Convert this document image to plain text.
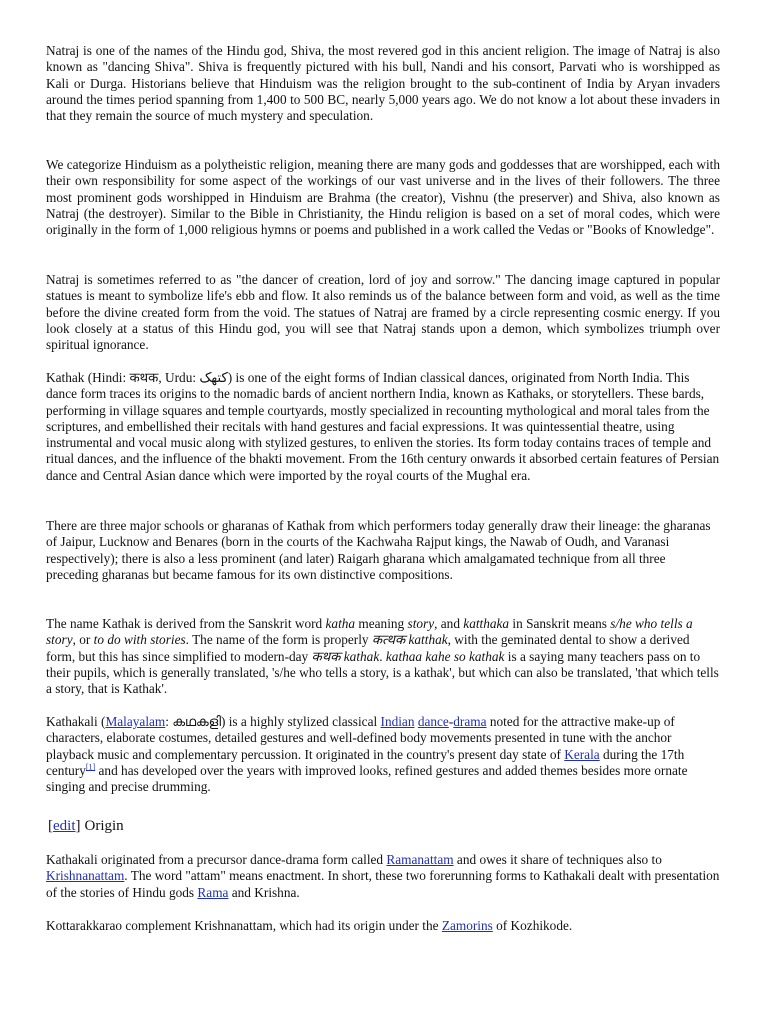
Natraj is one of the names of the Hindu god, Shiva, the most revered god in this ancient religion. The image of Natraj is also known as "dancing Shiva". Shiva is frequently pictured with his bull, Nandi and his consort, Parvati who is worshipped as Kali or Durga. Historians believe that Hinduism was the religion brought to the sub-continent of India by Aryan invaders around the times period spanning from 1,400 to 500 BC, nearly 5,000 years ago. We do not know a lot about these invaders in that they remain the source of much mystery and speculation.

We categorize Hinduism as a polytheistic religion, meaning there are many gods and goddesses that are worshipped, each with their own responsibility for some aspect of the workings of our vast universe and in the lives of their followers. The three most prominent gods worshipped in Hinduism are Brahma (the creator), Vishnu (the preserver) and Shiva, also known as Natraj (the destroyer). Similar to the Bible in Christianity, the Hindu religion is based on a set of moral codes, which were originally in the form of 1,000 religious hymns or poems and published in a work called the Vedas or "Books of Knowledge".

Natraj is sometimes referred to as "the dancer of creation, lord of joy and sorrow." The dancing image captured in popular statues is meant to symbolize life's ebb and flow. It also reminds us of the balance between form and void, as well as the time before the divine created form from the void. The statues of Natraj are framed by a circle representing cosmic energy. If you look closely at a status of this Hindu god, you will see that Natraj stands upon a demon, which symbolizes triumph over spiritual ignorance.

Kathak (Hindi: कथक, Urdu: کتھک) is one of the eight forms of Indian classical dances, originated from North India. This dance form traces its origins to the nomadic bards of ancient northern India, known as Kathaks, or storytellers. These bards, performing in village squares and temple courtyards, mostly specialized in recounting mythological and moral tales from the scriptures, and embellished their recitals with hand gestures and facial expressions. It was quintessential theatre, using instrumental and vocal music along with stylized gestures, to enliven the stories. Its form today contains traces of temple and ritual dances, and the influence of the bhakti movement. From the 16th century onwards it absorbed certain features of Persian dance and Central Asian dance which were imported by the royal courts of the Mughal era.

There are three major schools or gharanas of Kathak from which performers today generally draw their lineage: the gharanas of Jaipur, Lucknow and Benares (born in the courts of the Kachwaha Rajput kings, the Nawab of Oudh, and Varanasi respectively); there is also a less prominent (and later) Raigarh gharana which amalgamated technique from all three preceding gharanas but became famous for its own distinctive compositions.

The name Kathak is derived from the Sanskrit word katha meaning story, and katthaka in Sanskrit means s/he who tells a story, or to do with stories. The name of the form is properly कत्थक katthak, with the geminated dental to show a derived form, but this has since simplified to modern-day कथक kathak. kathaa kahe so kathak is a saying many teachers pass on to their pupils, which is generally translated, 's/he who tells a story, is a kathak', but which can also be translated, 'that which tells a story, that is Kathak'.

Kathakali (Malayalam: കഥകളി) is a highly stylized classical Indian dance-drama noted for the attractive make-up of characters, elaborate costumes, detailed gestures and well-defined body movements presented in tune with the anchor playback music and complementary percussion. It originated in the country's present day state of Kerala during the 17th century[1] and has developed over the years with improved looks, refined gestures and added themes besides more ornate singing and precise drumming.

[edit] Origin

Kathakali originated from a precursor dance-drama form called Ramanattam and owes it share of techniques also to Krishnanattam. The word "attam" means enactment. In short, these two forerunning forms to Kathakali dealt with presentation of the stories of Hindu gods Rama and Krishna.

Kottarakkarao complement Krishnanattam, which had its origin under the Zamorins of Kozhikode.
